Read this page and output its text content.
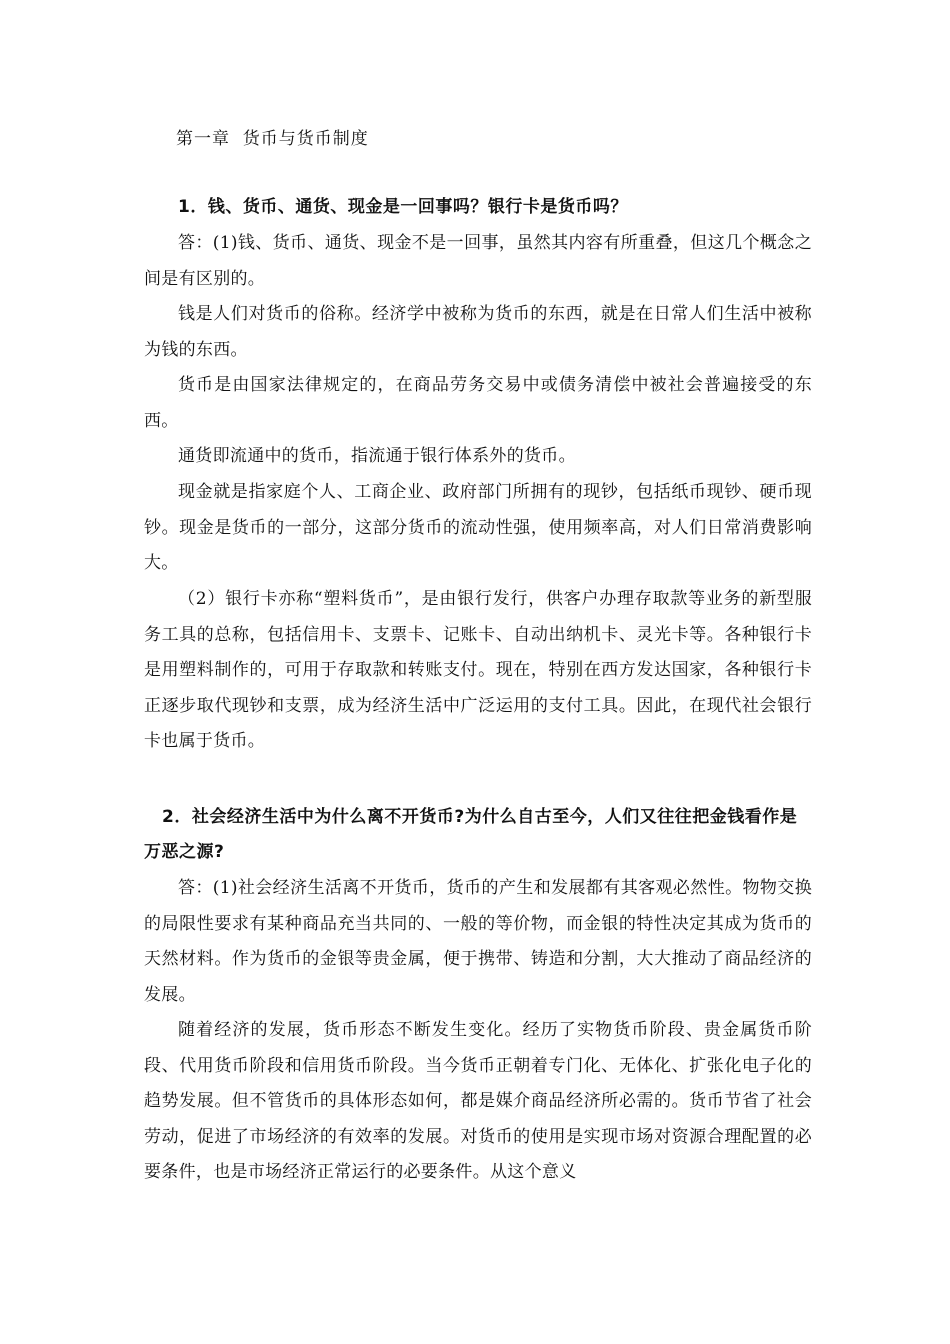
第一章  货币与货币制度
1．钱、货币、通货、现金是一回事吗？银行卡是货币吗？
答：(1)钱、货币、通货、现金不是一回事，虽然其内容有所重叠，但这几个概念之间是有区别的。
钱是人们对货币的俗称。经济学中被称为货币的东西，就是在日常人们生活中被称为钱的东西。
货币是由国家法律规定的，在商品劳务交易中或债务清偿中被社会普遍接受的东西。
通货即流通中的货币，指流通于银行体系外的货币。
现金就是指家庭个人、工商企业、政府部门所拥有的现钞，包括纸币现钞、硬币现钞。现金是货币的一部分，这部分货币的流动性强，使用频率高，对人们日常消费影响大。
（2）银行卡亦称“塑料货币”，是由银行发行，供客户办理存取款等业务的新型服务工具的总称，包括信用卡、支票卡、记账卡、自动出纳机卡、灵光卡等。各种银行卡是用塑料制作的，可用于存取款和转账支付。现在，特别在西方发达国家，各种银行卡正逐步取代现钞和支票，成为经济生活中广泛运用的支付工具。因此，在现代社会银行卡也属于货币。
2．社会经济生活中为什么离不开货币?为什么自古至今，人们又往往把金钱看作是万恶之源?
答：(1)社会经济生活离不开货币，货币的产生和发展都有其客观必然性。物物交换的局限性要求有某种商品充当共同的、一般的等价物，而金银的特性决定其成为货币的天然材料。作为货币的金银等贵金属，便于携带、铸造和分割，大大推动了商品经济的发展。
随着经济的发展，货币形态不断发生变化。经历了实物货币阶段、贵金属货币阶段、代用货币阶段和信用货币阶段。当今货币正朝着专门化、无体化、扩张化电子化的趋势发展。但不管货币的具体形态如何，都是媒介商品经济所必需的。货币节省了社会劳动，促进了市场经济的有效率的发展。对货币的使用是实现市场对资源合理配置的必要条件，也是市场经济正常运行的必要条件。从这个意义
